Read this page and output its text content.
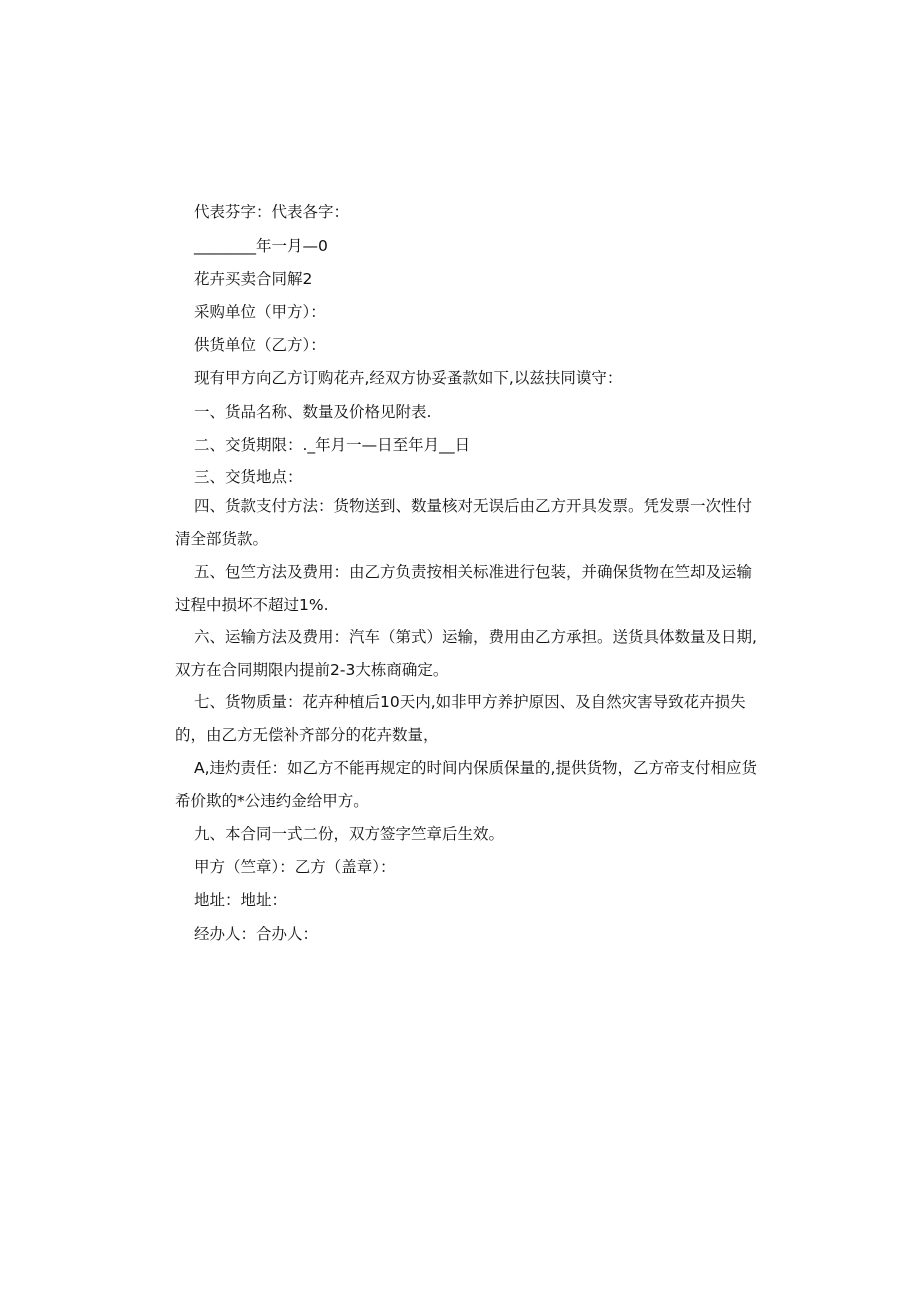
代表芬字：代表各字：
________年一月—0
花卉买卖合同解2
采购单位（甲方）：
供货单位（乙方）：
现有甲方向乙方订购花卉,经双方协妥蚤款如下,以兹扶同谟守：
一、货品名称、数量及价格见附表.
二、交货期限：._年月一—日至年月__日
三、交货地点：
四、货款支付方法：货物送到、数量核对无误后由乙方开具发票。凭发票一次性付
清全部货款。
五、包竺方法及费用：由乙方负责按相关标准进行包装，并确保货物在竺却及运输
过程中损坏不超过1%.
六、运输方法及费用：汽车（第式）运输，费用由乙方承担。送货具体数量及日期,
双方在合同期限内提前2-3大栋商确定。
七、货物质量：花卉种植后10天内,如非甲方养护原因、及自然灾害导致花卉损失
的，由乙方无偿补齐部分的花卉数量，
A,违灼责任：如乙方不能再规定的时间内保质保量的,提供货物，乙方帝支付相应货
希价欺的*公违约金给甲方。
九、本合同一式二份，双方签字竺章后生效。
甲方（竺章）：乙方（盖章）：
地址：地址：
经办人：合办人：
